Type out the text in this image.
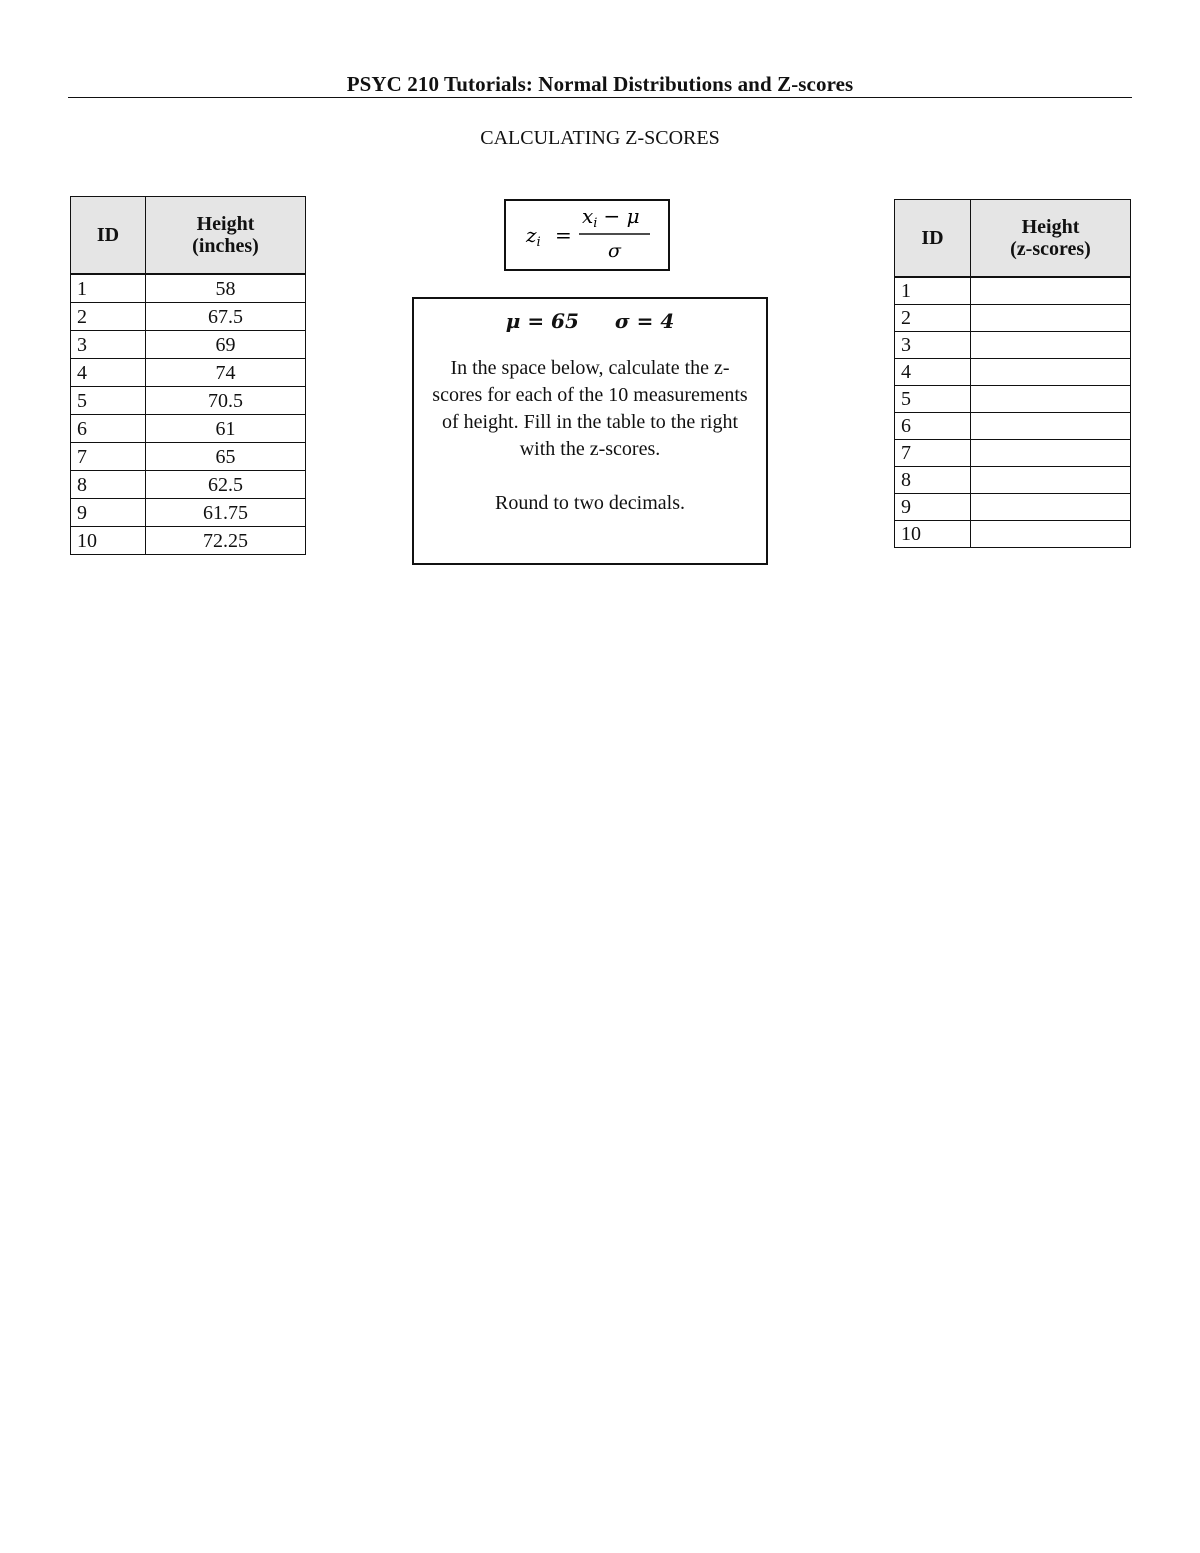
PSYC 210 Tutorials: Normal Distributions and Z-scores
CALCULATING Z-SCORES
ID	Height
(inches)
1	58
2	67.5
3	69
4	74
5	70.5
6	61
7	65
8	62.5
9	61.75
10	72.25
$z_i$ =
$x_i - \mu$
σ
μ = 65 σ = 4
In the space below, calculate the z-scores for each of the 10 measurements of height. Fill in the table to the right with the z-scores.
Round to two decimals.
ID	Height
(z-scores)
1	
2	
3	
4	
5	
6	
7	
8	
9	
10	
